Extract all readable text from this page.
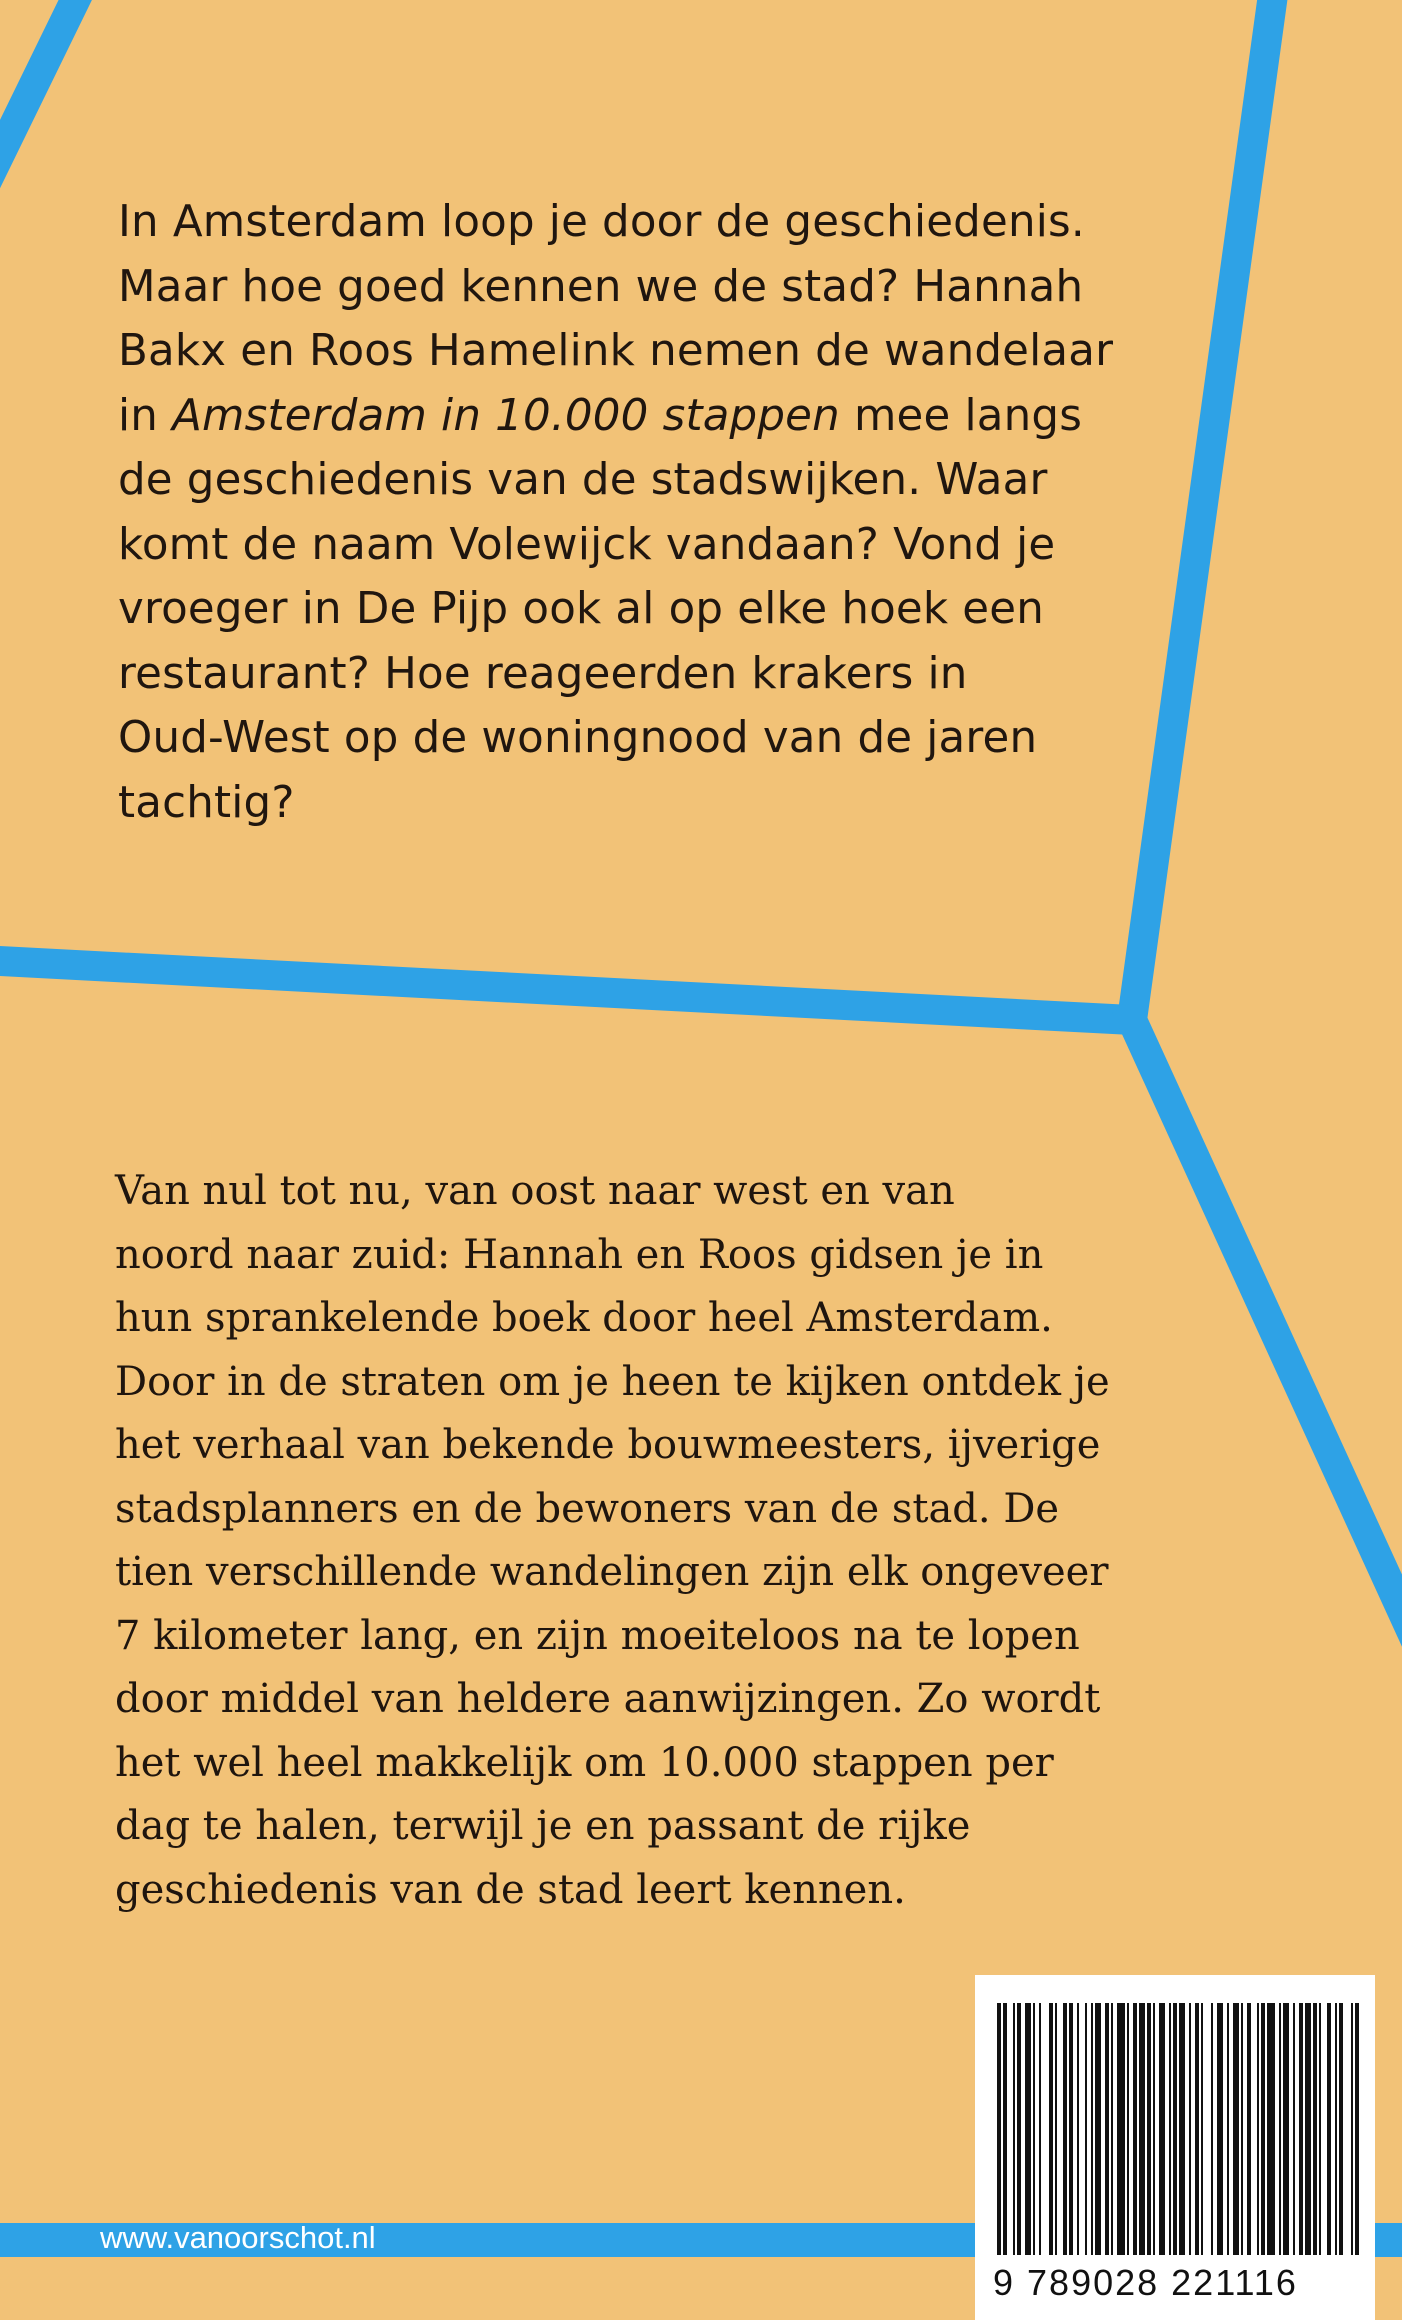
In Amsterdam loop je door de geschiedenis.
Maar hoe goed kennen we de stad? Hannah
Bakx en Roos Hamelink nemen de wandelaar
in Amsterdam in 10.000 stappen mee langs
de geschiedenis van de stadswijken. Waar
komt de naam Volewijck vandaan? Vond je
vroeger in De Pijp ook al op elke hoek een
restaurant? Hoe reageerden krakers in
Oud-West op de woningnood van de jaren
tachtig?
Van nul tot nu, van oost naar west en van
noord naar zuid: Hannah en Roos gidsen je in
hun sprankelende boek door heel Amsterdam.
Door in de straten om je heen te kijken ontdek je
het verhaal van bekende bouwmeesters, ijverige
stadsplanners en de bewoners van de stad. De
tien verschillende wandelingen zijn elk ongeveer
7 kilometer lang, en zijn moeiteloos na te lopen
door middel van heldere aanwijzingen. Zo wordt
het wel heel makkelijk om 10.000 stappen per
dag te halen, terwijl je en passant de rijke
geschiedenis van de stad leert kennen.
www.vanoorschot.nl
9 789028 221116
